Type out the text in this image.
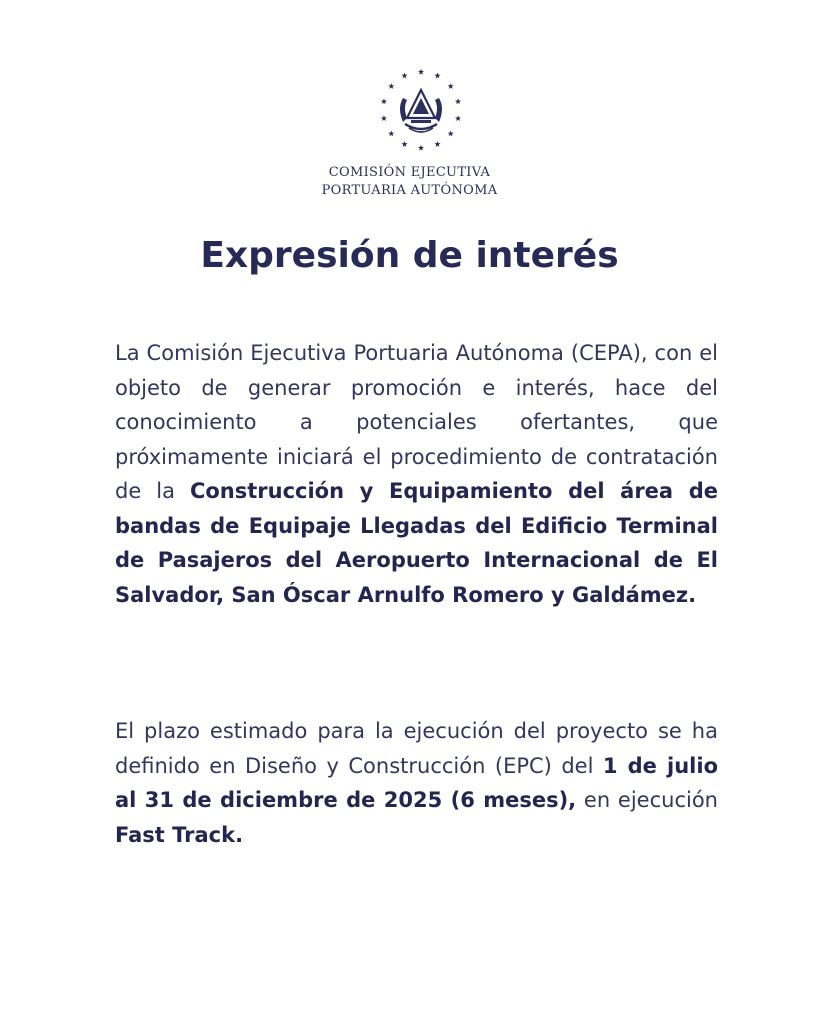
COMISIÓN EJECUTIVA
PORTUARIA AUTÓNOMA
Expresión de interés

La Comisión Ejecutiva Portuaria Autónoma (CEPA), con el objeto de generar promoción e interés, hace del conocimiento a potenciales ofertantes, que próximamente iniciará el procedimiento de contratación de la Construcción y Equipamiento del área de bandas de Equipaje Llegadas del Edificio Terminal de Pasajeros del Aeropuerto Internacional de El Salvador, San Óscar Arnulfo Romero y Galdámez.

El plazo estimado para la ejecución del proyecto se ha definido en Diseño y Construcción (EPC) del 1 de julio al 31 de diciembre de 2025 (6 meses), en ejecución Fast Track.
